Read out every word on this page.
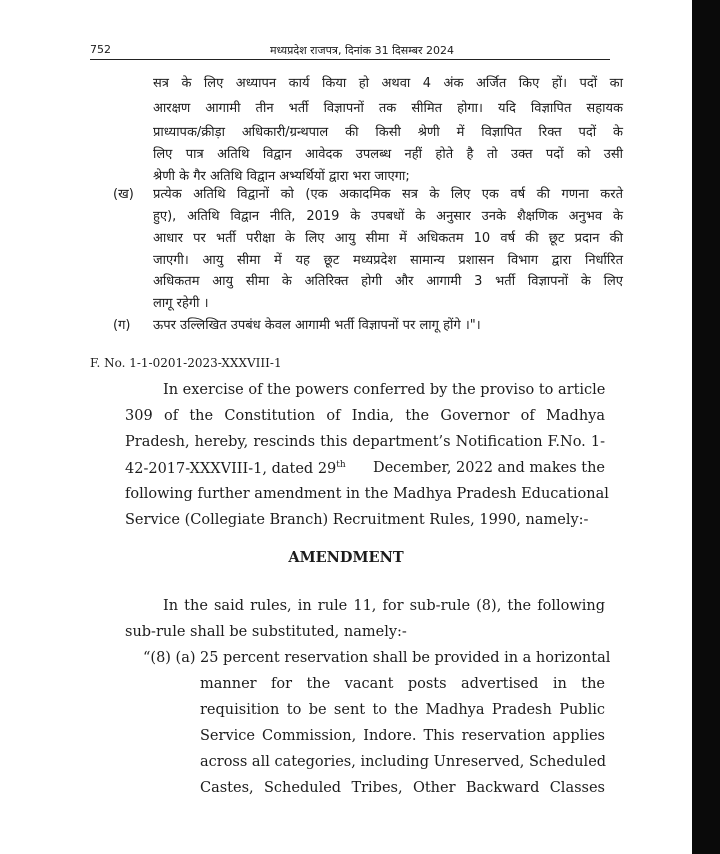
752	मध्यप्रदेश राजपत्र, दिनांक 31 दिसम्बर 2024
सत्र के लिए अध्यापन कार्य किया हो अथवा 4 अंक अर्जित किए हों। पदों का
आरक्षण आगामी तीन भर्ती विज्ञापनों तक सीमित होगा। यदि विज्ञापित सहायक
प्राध्यापक/क्रीड़ा अधिकारी/ग्रन्थपाल की किसी श्रेणी में विज्ञापित रिक्त पदों के
लिए पात्र अतिथि विद्वान आवेदक उपलब्ध नहीं होते है तो उक्त पदों को उसी
श्रेणी के गैर अतिथि विद्वान अभ्यर्थियों द्वारा भरा जाएगा;
(ख) प्रत्येक अतिथि विद्वानों को (एक अकादमिक सत्र के लिए एक वर्ष की गणना करते
हुए), अतिथि विद्वान नीति, 2019 के उपबधों के अनुसार उनके शैक्षणिक अनुभव के
आधार पर भर्ती परीक्षा के लिए आयु सीमा में अधिकतम 10 वर्ष की छूट प्रदान की
जाएगी। आयु सीमा में यह छूट मध्यप्रदेश सामान्य प्रशासन विभाग द्वारा निर्धारित
अधिकतम आयु सीमा के अतिरिक्त होगी और आगामी 3 भर्ती विज्ञापनों के लिए
लागू रहेगी ।
(ग) ऊपर उल्लिखित उपबंध केवल आगामी भर्ती विज्ञापनों पर लागू होंगे ।"।
F. No. 1-1-0201-2023-XXXVIII-1
In exercise of the powers conferred by the proviso to article
309 of the Constitution of India, the Governor of Madhya
Pradesh, hereby, rescinds this department’s Notification F.No. 1-
42-2017-XXXVIII-1, dated 29th December, 2022 and makes the
following further amendment in the Madhya Pradesh Educational
Service (Collegiate Branch) Recruitment Rules, 1990, namely:-
AMENDMENT
In the said rules, in rule 11, for sub-rule (8), the following
sub-rule shall be substituted, namely:-
“(8) (a) 25 percent reservation shall be provided in a horizontal
manner for the vacant posts advertised in the
requisition to be sent to the Madhya Pradesh Public
Service Commission, Indore. This reservation applies
across all categories, including Unreserved, Scheduled
Castes, Scheduled Tribes, Other Backward Classes
